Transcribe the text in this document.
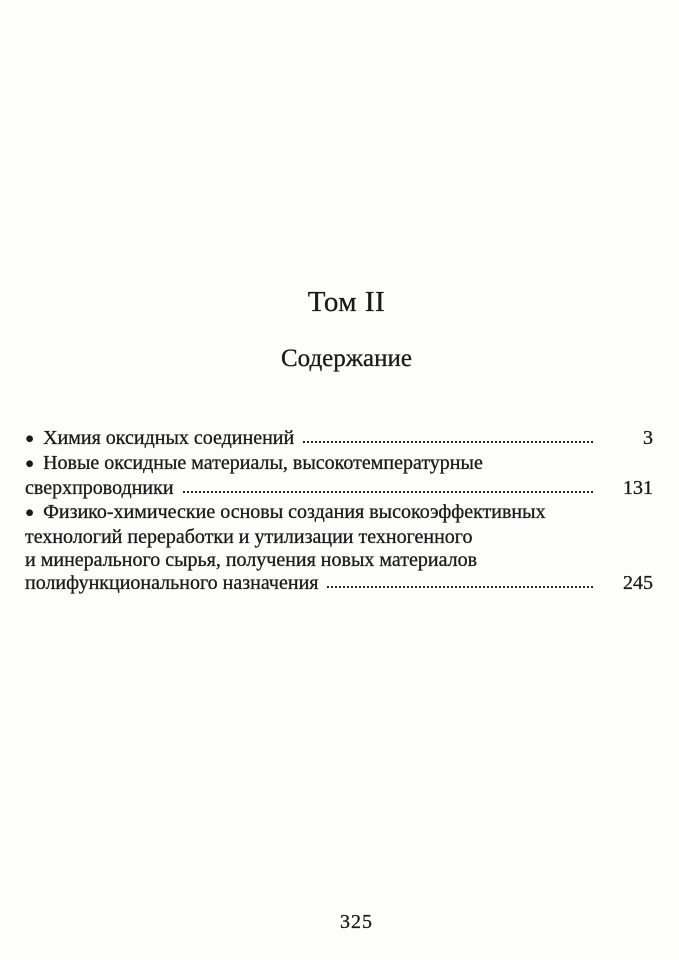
Том II
Содержание
● Химия оксидных соединений	3
● Новые оксидные материалы, высокотемпературные
сверхпроводники	131
● Физико-химические основы создания высокоэффективных
технологий переработки и утилизации техногенного
и минерального сырья, получения новых материалов
полифункционального назначения	245
325
